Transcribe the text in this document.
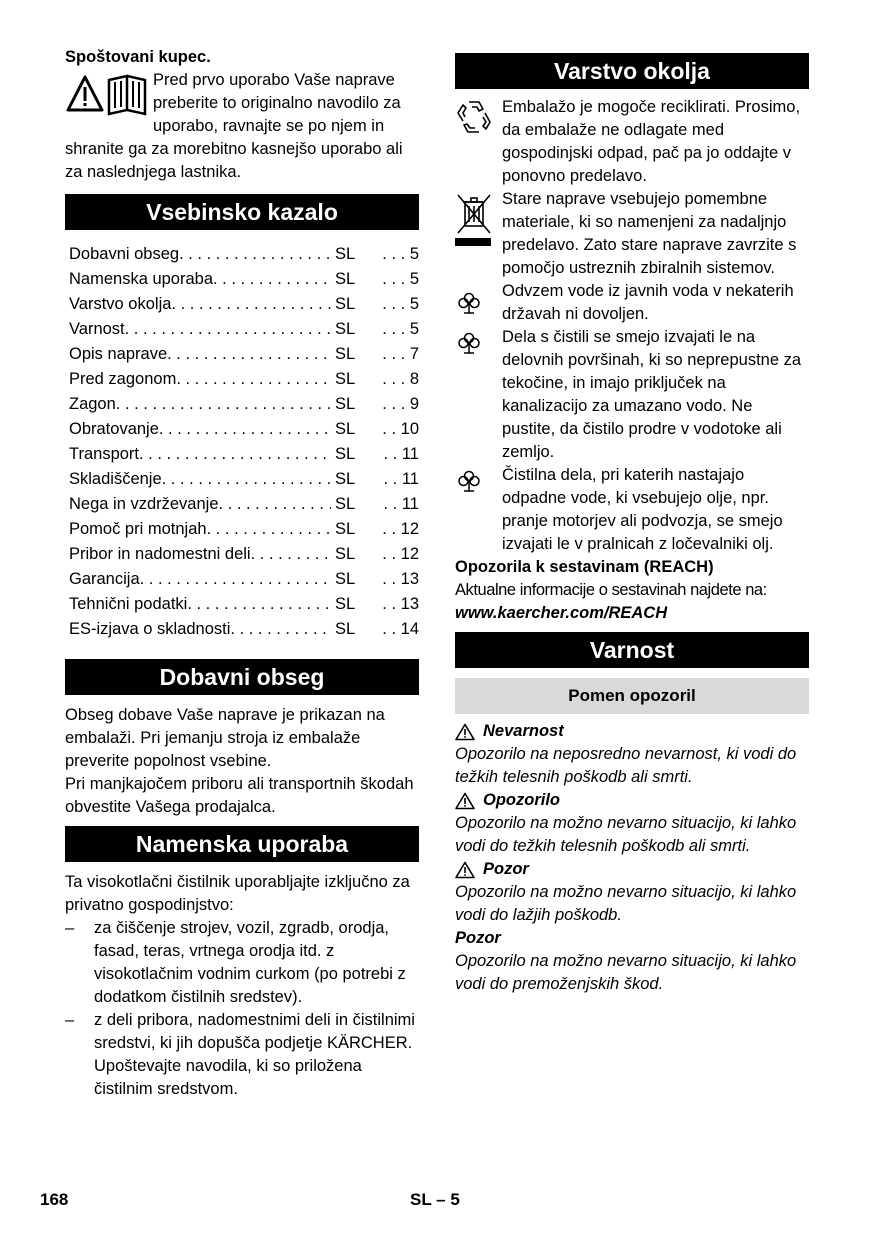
Spoštovani kupec.

Pred prvo uporabo Vaše naprave preberite to originalno navodilo za uporabo, ravnajte se po njem in shranite ga za morebitno kasnejšo uporabo ali za naslednjega lastnika.

Vsebinsko kazalo
Dobavni obseg . . .	SL	. . . 5
Namenska uporaba . . .	SL	. . . 5
Varstvo okolja . . .	SL	. . . 5
Varnost . . .	SL	. . . 5
Opis naprave . . .	SL	. . . 7
Pred zagonom . . .	SL	. . . 8
Zagon . . .	SL	. . . 9
Obratovanje . . .	SL	. . 10
Transport . . .	SL	. . 11
Skladiščenje . . .	SL	. . 11
Nega in vzdrževanje . . .	SL	. . 11
Pomoč pri motnjah . . .	SL	. . 12
Pribor in nadomestni deli . . .	SL	. . 12
Garancija . . .	SL	. . 13
Tehnični podatki . . .	SL	. . 13
ES-izjava o skladnosti . . .	SL	. . 14
Dobavni obseg

Obseg dobave Vaše naprave je prikazan na embalaži. Pri jemanju stroja iz embalaže preverite popolnost vsebine.

Pri manjkajočem priboru ali transportnih škodah obvestite Vašega prodajalca.

Namenska uporaba

Ta visokotlačni čistilnik uporabljajte izključno za privatno gospodinjstvo:

– za čiščenje strojev, vozil, zgradb, orodja, fasad, teras, vrtnega orodja itd. z visokotlačnim vodnim curkom (po potrebi z dodatkom čistilnih sredstev).
– z deli pribora, nadomestnimi deli in čistilnimi sredstvi, ki jih dopušča podjetje KÄRCHER. Upoštevajte navodila, ki so priložena čistilnim sredstvom.
Varstvo okolja

Embalažo je mogoče reciklirati. Prosimo, da embalaže ne odlagate med gospodinjski odpad, pač pa jo oddajte v ponovno predelavo.

Stare naprave vsebujejo pomembne materiale, ki so namenjeni za nadaljnjo predelavo. Zato stare naprave zavrzite s pomočjo ustreznih zbiralnih sistemov.

Odvzem vode iz javnih voda v nekaterih državah ni dovoljen.

Dela s čistili se smejo izvajati le na delovnih površinah, ki so neprepustne za tekočine, in imajo priključek na kanalizacijo za umazano vodo. Ne pustite, da čistilo prodre v vodotoke ali zemljo.

Čistilna dela, pri katerih nastajajo odpadne vode, ki vsebujejo olje, npr. pranje motorjev ali podvozja, se smejo izvajati le v pralnicah z ločevalniki olj.

Opozorila k sestavinam (REACH)

Aktualne informacije o sestavinah najdete na:

www.kaercher.com/REACH

Varnost
Pomen opozoril
Nevarnost

Opozorilo na neposredno nevarnost, ki vodi do težkih telesnih poškodb ali smrti.

Opozorilo

Opozorilo na možno nevarno situacijo, ki lahko vodi do težkih telesnih poškodb ali smrti.

Pozor

Opozorilo na možno nevarno situacijo, ki lahko vodi do lažjih poškodb.

Pozor

Opozorilo na možno nevarno situacijo, ki lahko vodi do premoženjskih škod.

168	SL – 5
